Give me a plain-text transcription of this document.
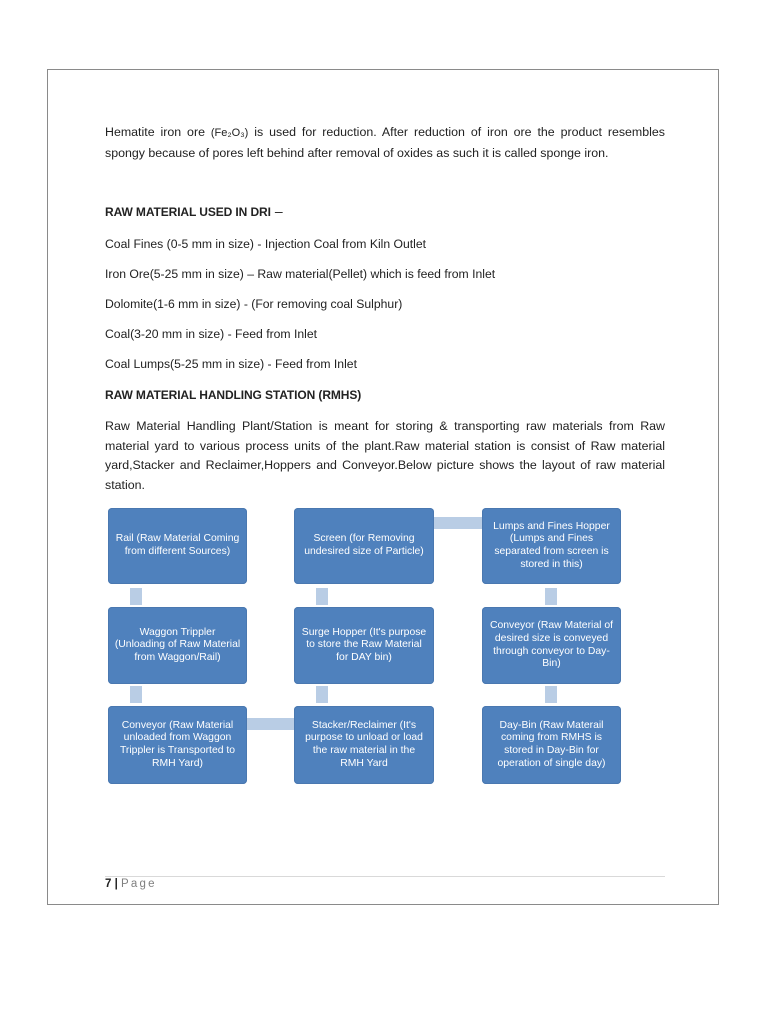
Hematite iron ore (Fe₂O₃) is used for reduction. After reduction of iron ore the product resembles spongy because of pores left behind after removal of oxides as such it is called sponge iron.

RAW MATERIAL USED IN DRI –

Coal Fines (0-5 mm in size) - Injection Coal from Kiln Outlet

Iron Ore(5-25 mm in size) – Raw material(Pellet) which is feed from Inlet

Dolomite(1-6 mm in size) - (For removing coal Sulphur)

Coal(3-20 mm in size) - Feed from Inlet

Coal Lumps(5-25 mm in size) - Feed from Inlet

RAW MATERIAL HANDLING STATION (RMHS)

Raw Material Handling Plant/Station is meant for storing & transporting raw materials from Raw material yard to various process units of the plant.Raw material station is consist of Raw material yard,Stacker and Reclaimer,Hoppers and Conveyor.Below picture shows the layout of raw material station.

Rail (Raw Material Coming from different Sources)
Screen (for Removing undesired size of Particle)
Lumps and Fines Hopper (Lumps and Fines separated from screen is stored in this)
Waggon Trippler (Unloading of Raw Material from Waggon/Rail)
Surge Hopper (It's purpose to store the Raw Material for DAY bin)
Conveyor (Raw Material of desired size is conveyed through conveyor to Day-Bin)
Conveyor (Raw Material unloaded from Waggon Trippler is Transported to RMH Yard)
Stacker/Reclaimer (It's purpose to unload or load the raw material in the RMH Yard
Day-Bin (Raw Materail coming from RMHS is stored in Day-Bin for operation of single day)
7 | Page
